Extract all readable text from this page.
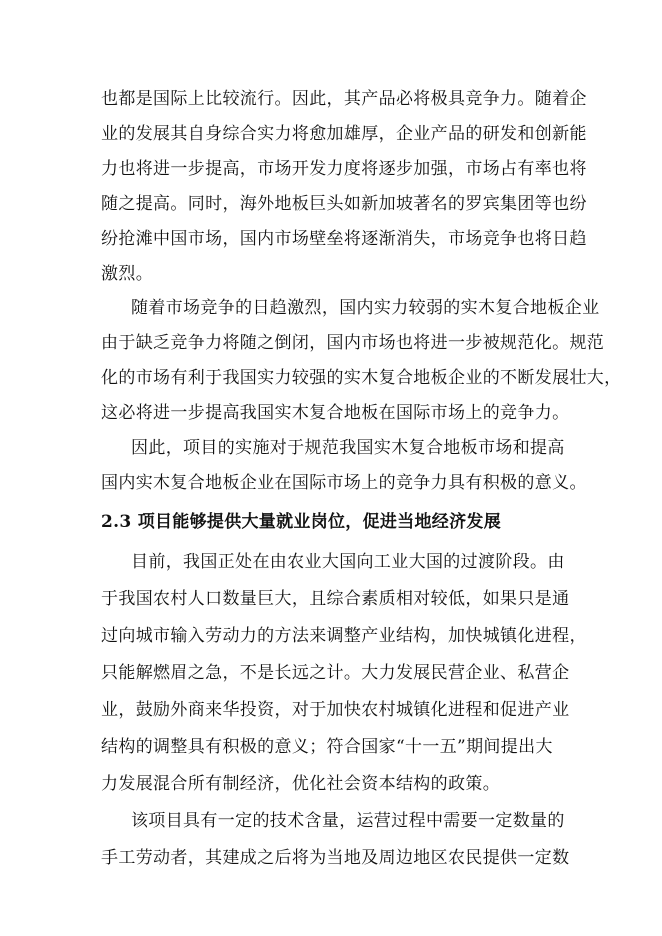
也都是国际上比较流行。因此，其产品必将极具竞争力。随着企
业的发展其自身综合实力将愈加雄厚，企业产品的研发和创新能
力也将进一步提高，市场开发力度将逐步加强，市场占有率也将
随之提高。同时，海外地板巨头如新加坡著名的罗宾集团等也纷
纷抢滩中国市场，国内市场壁垒将逐渐消失，市场竞争也将日趋
激烈。
随着市场竞争的日趋激烈，国内实力较弱的实木复合地板企业
由于缺乏竞争力将随之倒闭，国内市场也将进一步被规范化。规范
化的市场有利于我国实力较强的实木复合地板企业的不断发展壮大，
这必将进一步提高我国实木复合地板在国际市场上的竞争力。
因此，项目的实施对于规范我国实木复合地板市场和提高
国内实木复合地板企业在国际市场上的竞争力具有积极的意义。
2.3 项目能够提供大量就业岗位，促进当地经济发展
目前，我国正处在由农业大国向工业大国的过渡阶段。由
于我国农村人口数量巨大，且综合素质相对较低，如果只是通
过向城市输入劳动力的方法来调整产业结构，加快城镇化进程，
只能解燃眉之急，不是长远之计。大力发展民营企业、私营企
业，鼓励外商来华投资，对于加快农村城镇化进程和促进产业
结构的调整具有积极的意义；符合国家“十一五”期间提出大
力发展混合所有制经济，优化社会资本结构的政策。
该项目具有一定的技术含量，运营过程中需要一定数量的
手工劳动者，其建成之后将为当地及周边地区农民提供一定数
